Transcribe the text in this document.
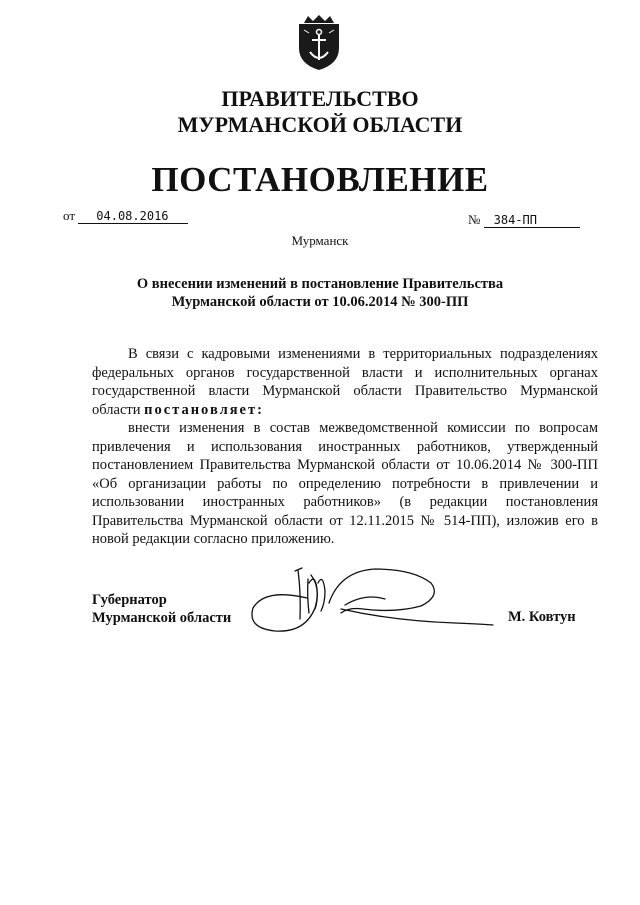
ПРАВИТЕЛЬСТВО
МУРМАНСКОЙ ОБЛАСТИ
ПОСТАНОВЛЕНИЕ
от 04.08.2016	№ 384-ПП
Мурманск
О внесении изменений в постановление Правительства
Мурманской области от 10.06.2014 № 300-ПП

В связи с кадровыми изменениями в территориальных подразделениях федеральных органов государственной власти и исполнительных органах государственной власти Мурманской области Правительство Мурманской области постановляет:

внести изменения в состав межведомственной комиссии по вопросам привлечения и использования иностранных работников, утвержденный постановлением Правительства Мурманской области от 10.06.2014 № 300-ПП «Об организации работы по определению потребности в привлечении и использовании иностранных работников» (в редакции постановления Правительства Мурманской области от 12.11.2015 № 514-ПП), изложив его в новой редакции согласно приложению.

Губернатор
Мурманской области	М. Ковтун
